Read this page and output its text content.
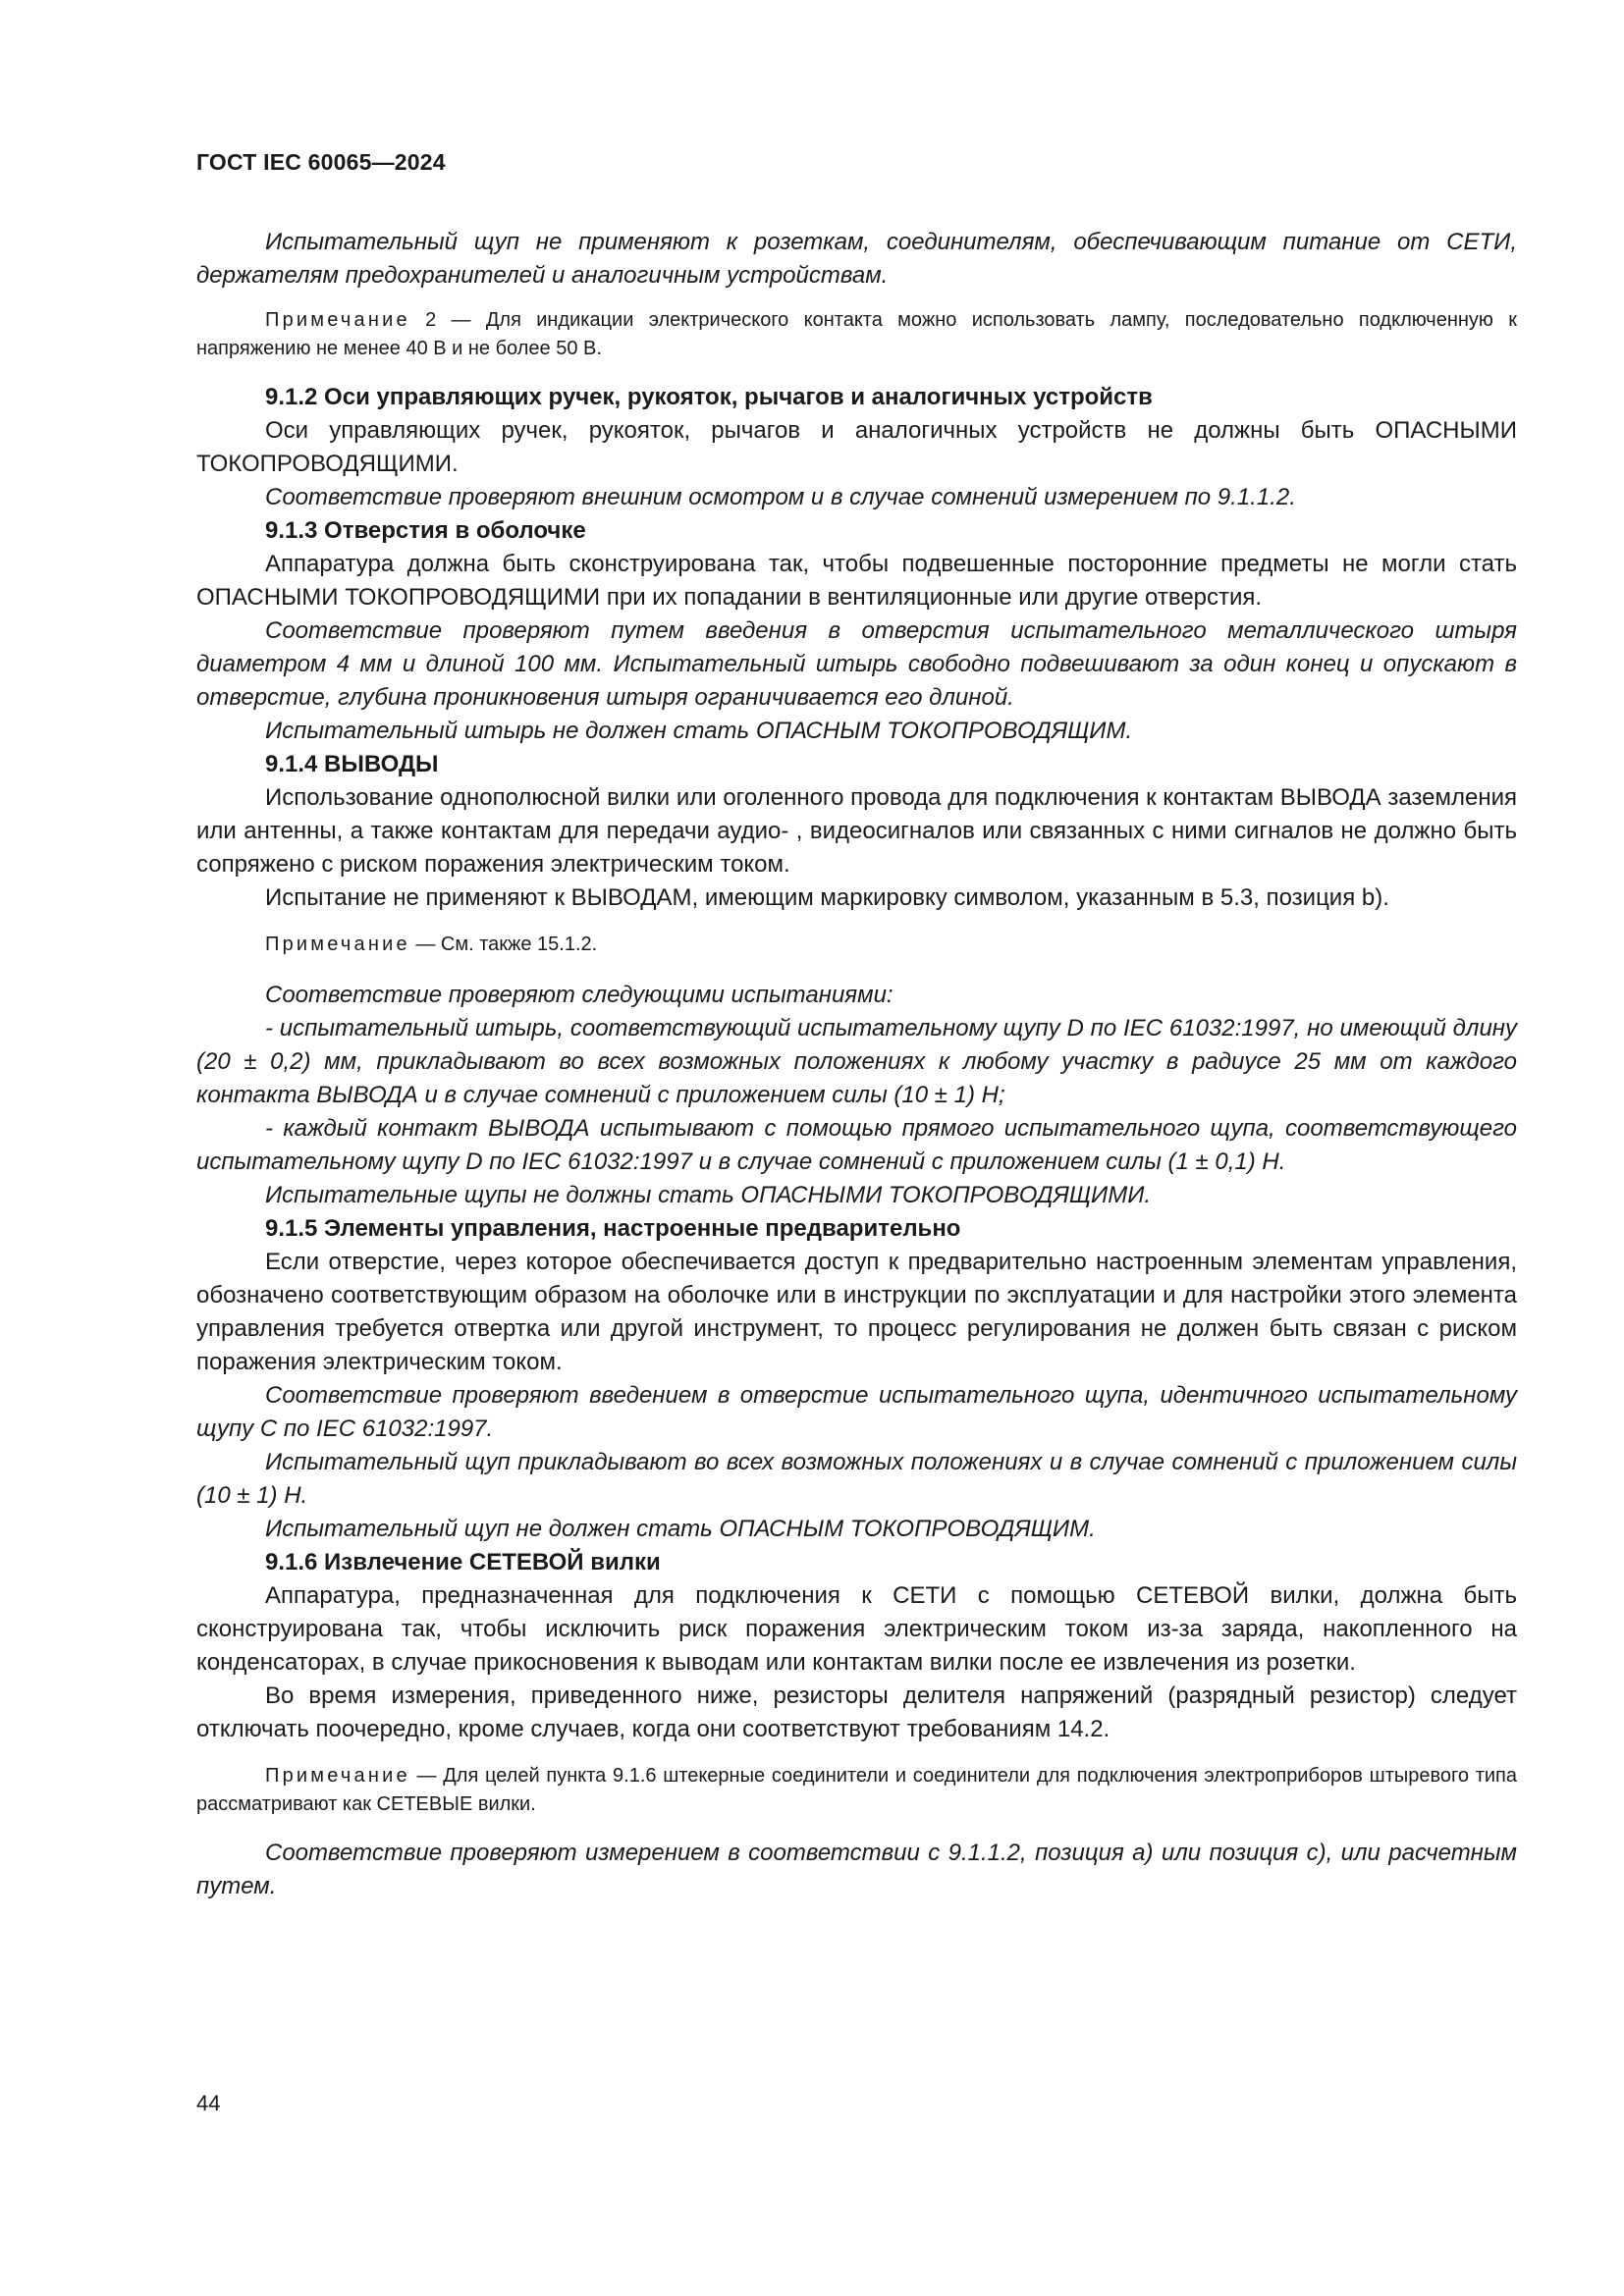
ГОСТ IEC 60065—2024

Испытательный щуп не применяют к розеткам, соединителям, обеспечивающим питание от СЕТИ, держателям предохранителей и аналогичным устройствам.

Примечание 2 — Для индикации электрического контакта можно использовать лампу, последовательно подключенную к напряжению не менее 40 В и не более 50 В.

9.1.2 Оси управляющих ручек, рукояток, рычагов и аналогичных устройств

Оси управляющих ручек, рукояток, рычагов и аналогичных устройств не должны быть ОПАСНЫМИ ТОКОПРОВОДЯЩИМИ.

Соответствие проверяют внешним осмотром и в случае сомнений измерением по 9.1.1.2.

9.1.3 Отверстия в оболочке

Аппаратура должна быть сконструирована так, чтобы подвешенные посторонние предметы не могли стать ОПАСНЫМИ ТОКОПРОВОДЯЩИМИ при их попадании в вентиляционные или другие отверстия.

Соответствие проверяют путем введения в отверстия испытательного металлического штыря диаметром 4 мм и длиной 100 мм. Испытательный штырь свободно подвешивают за один конец и опускают в отверстие, глубина проникновения штыря ограничивается его длиной.

Испытательный штырь не должен стать ОПАСНЫМ ТОКОПРОВОДЯЩИМ.

9.1.4 ВЫВОДЫ

Использование однополюсной вилки или оголенного провода для подключения к контактам ВЫВОДА заземления или антенны, а также контактам для передачи аудио- , видеосигналов или связанных с ними сигналов не должно быть сопряжено с риском поражения электрическим током.

Испытание не применяют к ВЫВОДАМ, имеющим маркировку символом, указанным в 5.3, позиция b).

Примечание — См. также 15.1.2.

Соответствие проверяют следующими испытаниями:

- испытательный штырь, соответствующий испытательному щупу D по IEC 61032:1997, но имеющий длину (20 ± 0,2) мм, прикладывают во всех возможных положениях к любому участку в радиусе 25 мм от каждого контакта ВЫВОДА и в случае сомнений с приложением силы (10 ± 1) Н;

- каждый контакт ВЫВОДА испытывают с помощью прямого испытательного щупа, соответствующего испытательному щупу D по IEC 61032:1997 и в случае сомнений с приложением силы (1 ± 0,1) Н.

Испытательные щупы не должны стать ОПАСНЫМИ ТОКОПРОВОДЯЩИМИ.

9.1.5 Элементы управления, настроенные предварительно

Если отверстие, через которое обеспечивается доступ к предварительно настроенным элементам управления, обозначено соответствующим образом на оболочке или в инструкции по эксплуатации и для настройки этого элемента управления требуется отвертка или другой инструмент, то процесс регулирования не должен быть связан с риском поражения электрическим током.

Соответствие проверяют введением в отверстие испытательного щупа, идентичного испытательному щупу C по IEC 61032:1997.

Испытательный щуп прикладывают во всех возможных положениях и в случае сомнений с приложением силы (10 ± 1) Н.

Испытательный щуп не должен стать ОПАСНЫМ ТОКОПРОВОДЯЩИМ.

9.1.6 Извлечение СЕТЕВОЙ вилки

Аппаратура, предназначенная для подключения к СЕТИ с помощью СЕТЕВОЙ вилки, должна быть сконструирована так, чтобы исключить риск поражения электрическим током из-за заряда, накопленного на конденсаторах, в случае прикосновения к выводам или контактам вилки после ее извлечения из розетки.

Во время измерения, приведенного ниже, резисторы делителя напряжений (разрядный резистор) следует отключать поочередно, кроме случаев, когда они соответствуют требованиям 14.2.

Примечание — Для целей пункта 9.1.6 штекерные соединители и соединители для подключения электроприборов штыревого типа рассматривают как СЕТЕВЫЕ вилки.

Соответствие проверяют измерением в соответствии с 9.1.1.2, позиция а) или позиция с), или расчетным путем.

44
